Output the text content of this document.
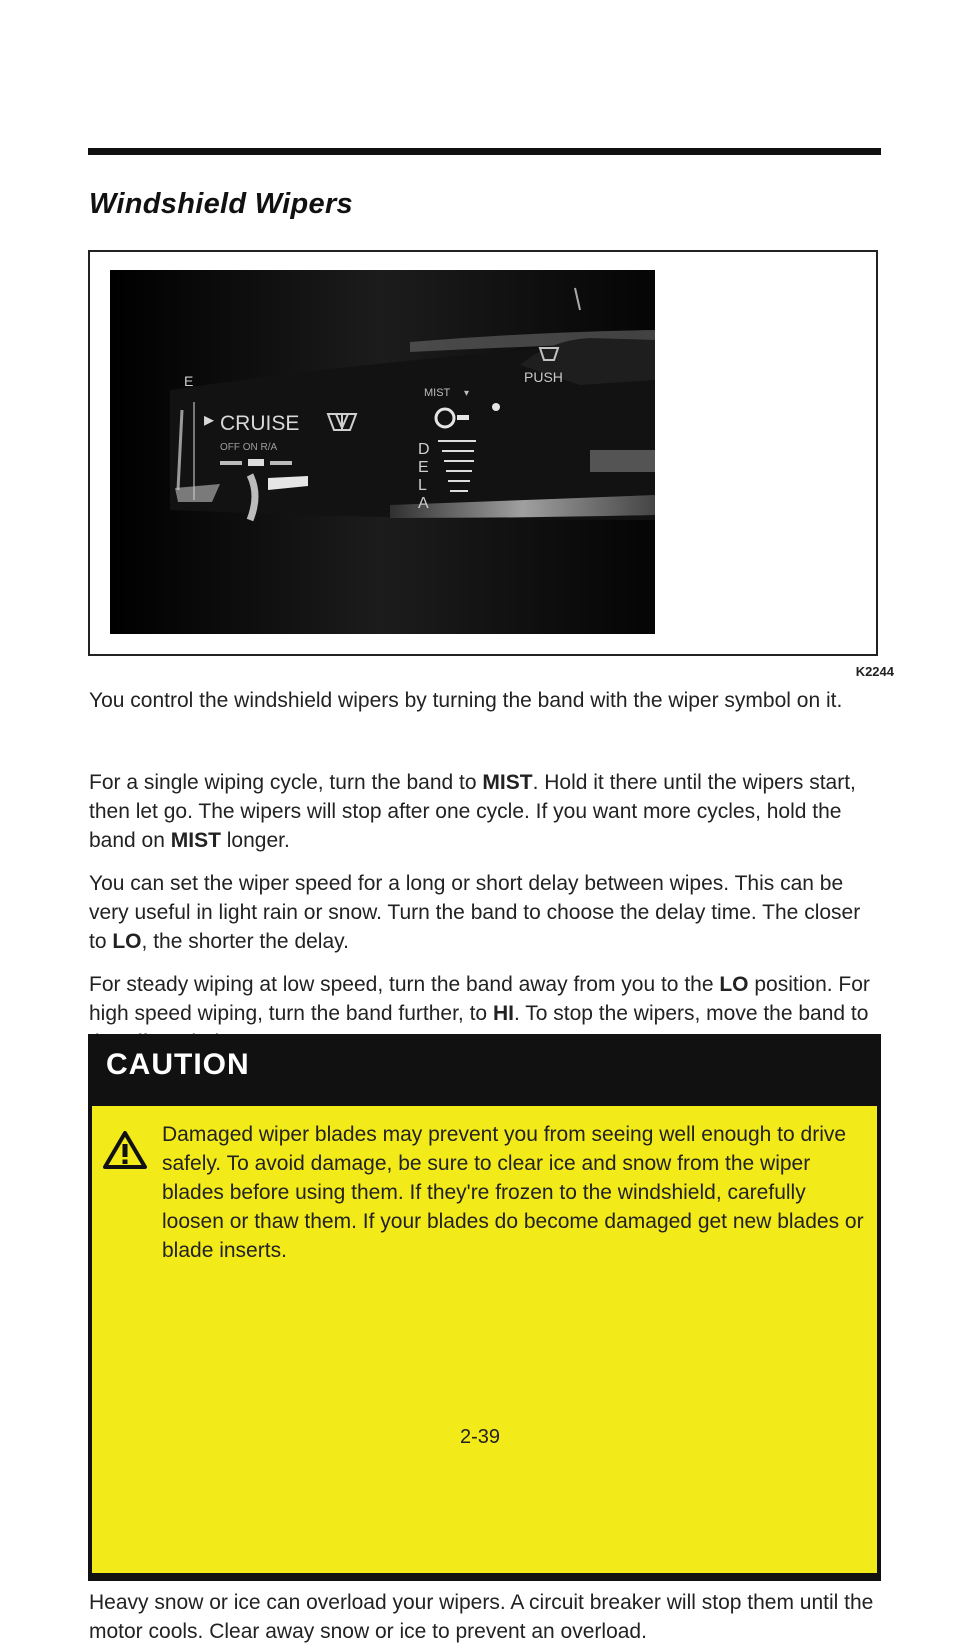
Windshield Wipers
E
▸ CRUISE
OFF ON R/A
MIST ▾
D
E
L
A
PUSH
K2244

You control the windshield wipers by turning the band with the wiper symbol on it.

For a single wiping cycle, turn the band to MIST. Hold it there until the wipers start, then let go. The wipers will stop after one cycle. If you want more cycles, hold the band on MIST longer.

You can set the wiper speed for a long or short delay between wipes. This can be very useful in light rain or snow. Turn the band to choose the delay time. The closer to LO, the shorter the delay.

For steady wiping at low speed, turn the band away from you to the LO position. For high speed wiping, turn the band further, to HI. To stop the wipers, move the band to

CAUTION

Damaged wiper blades may prevent you from seeing well enough to drive safely. To avoid damage, be sure to clear ice and snow from the wiper blades before using them. If they're frozen to the windshield, carefully loosen or thaw them. If your blades do become damaged get new blades or blade inserts.

Heavy snow or ice can overload your wipers. A circuit breaker will stop them until the motor cools. Clear away snow or ice to prevent an overload.

2-39
